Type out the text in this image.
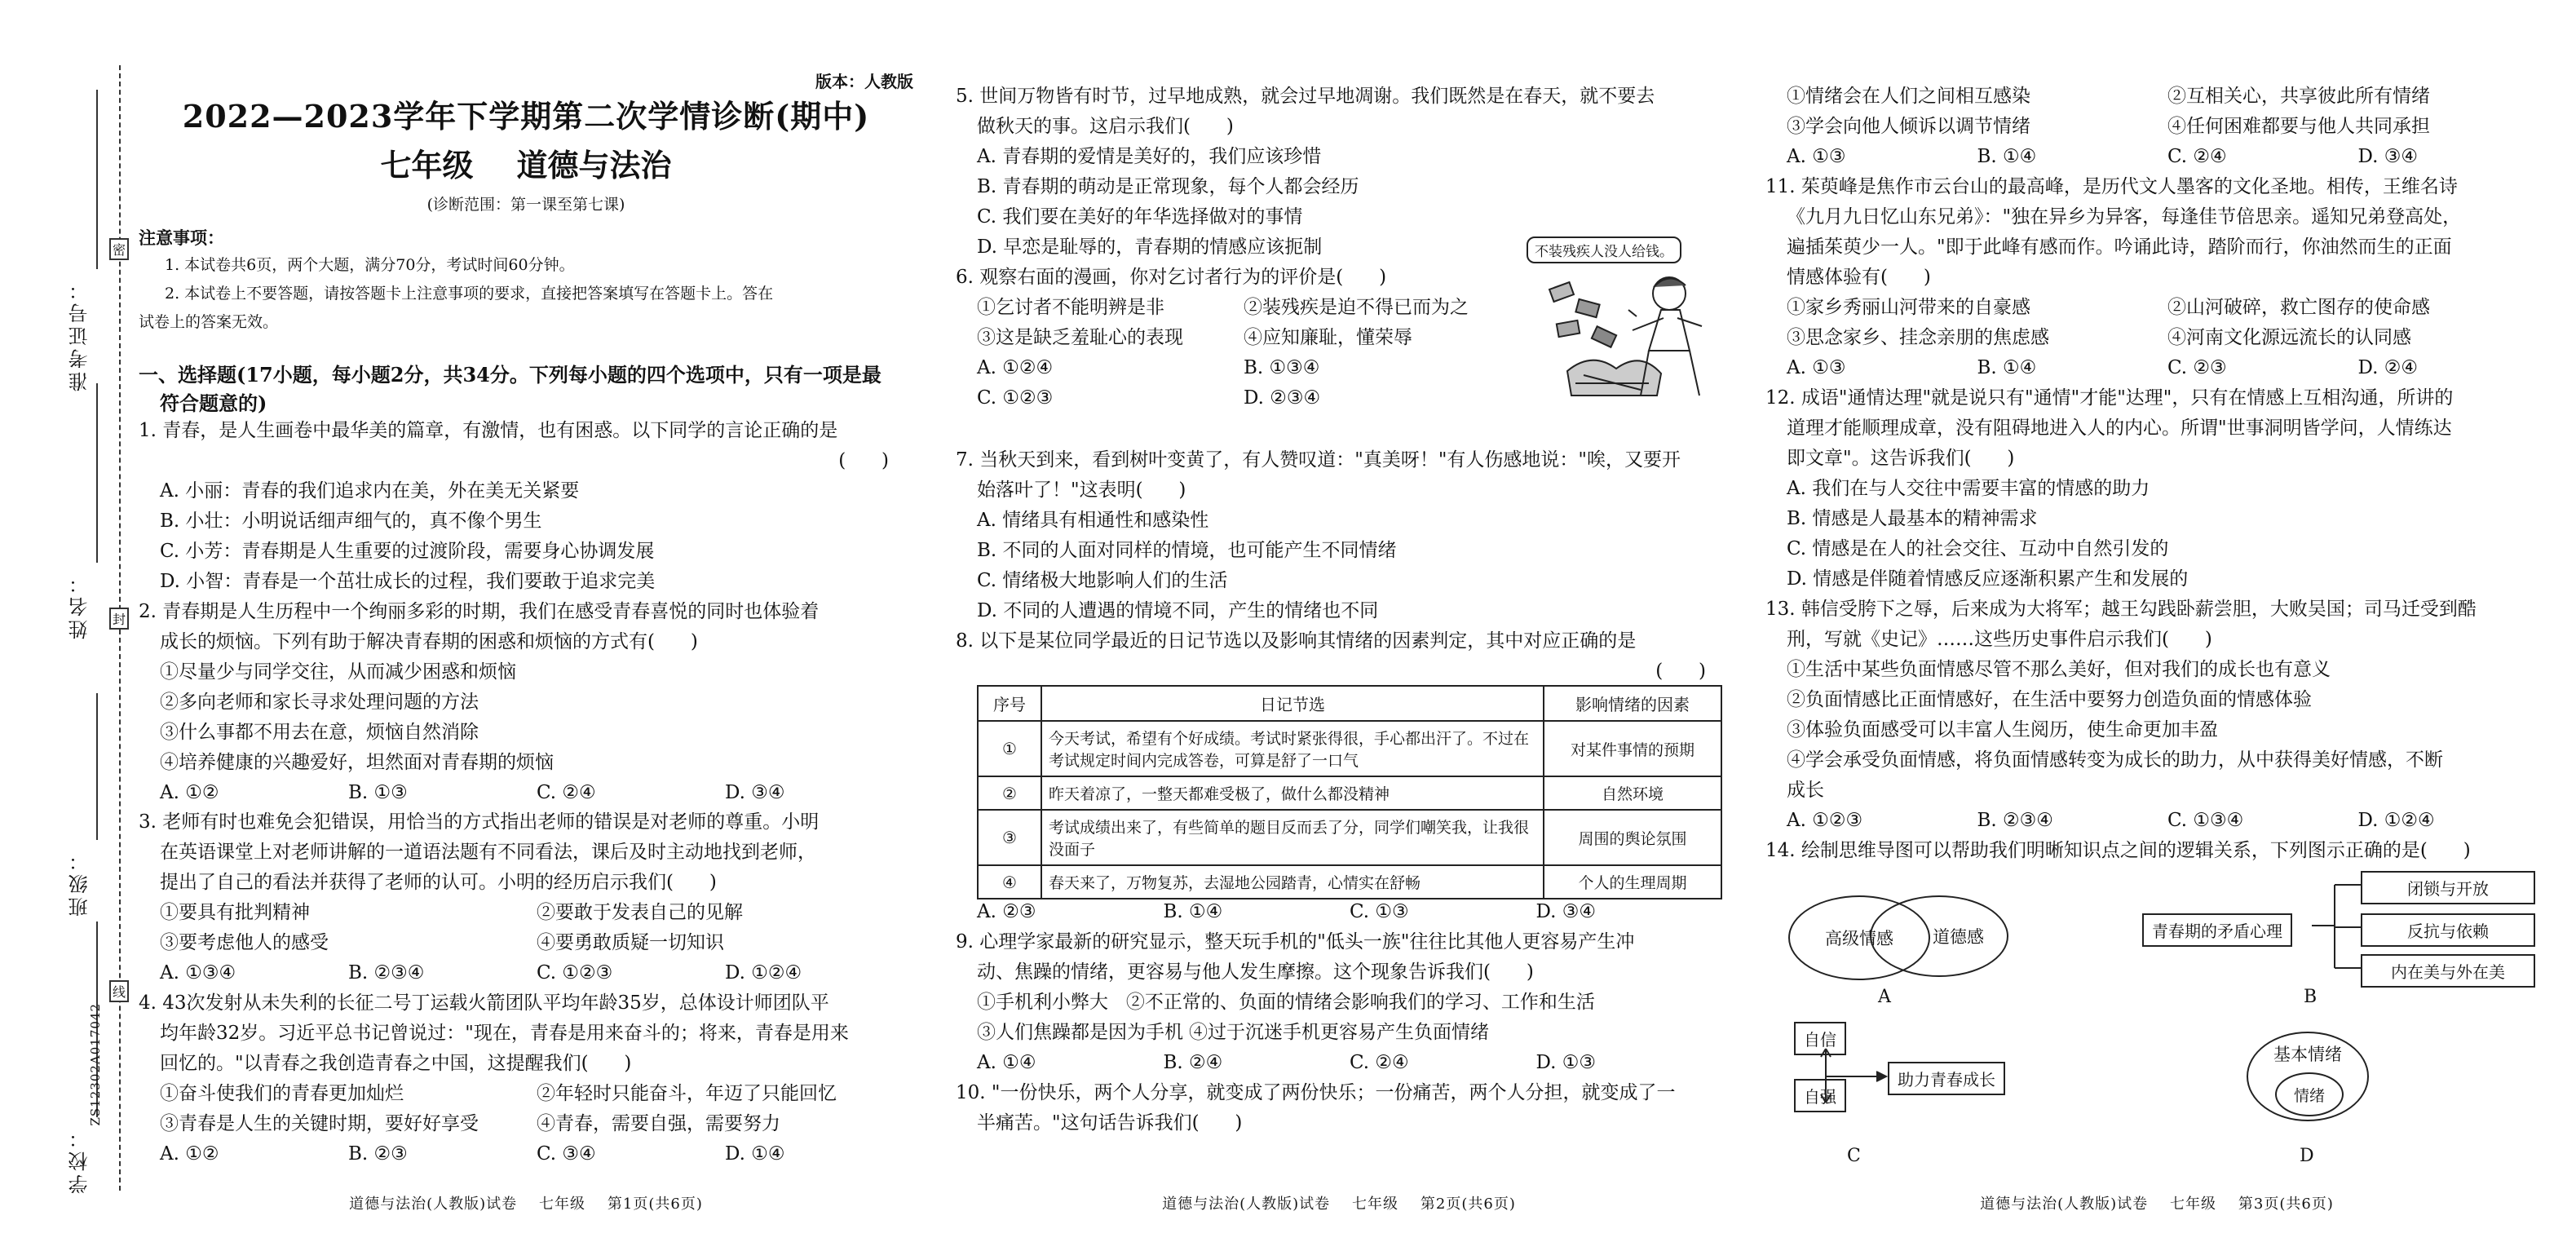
密
封
线
准考证号：
姓名：
班级：
学校：
ZS12302A017042
版本：人教版
2022—2023学年下学期第二次学情诊断(期中)
七年级    道德与法治
(诊断范围：第一课至第七课)
注意事项：
1. 本试卷共6页，两个大题，满分70分，考试时间60分钟。
2. 本试卷上不要答题，请按答题卡上注意事项的要求，直接把答案填写在答题卡上。答在
试卷上的答案无效。
一、选择题(17小题，每小题2分，共34分。下列每小题的四个选项中，只有一项是最
符合题意的)
1. 青春，是人生画卷中最华美的篇章，有激情，也有困惑。以下同学的言论正确的是
(      )
A. 小丽：青春的我们追求内在美，外在美无关紧要
B. 小壮：小明说话细声细气的，真不像个男生
C. 小芳：青春期是人生重要的过渡阶段，需要身心协调发展
D. 小智：青春是一个茁壮成长的过程，我们要敢于追求完美
2. 青春期是人生历程中一个绚丽多彩的时期，我们在感受青春喜悦的同时也体验着
成长的烦恼。下列有助于解决青春期的困惑和烦恼的方式有(      )
①尽量少与同学交往，从而减少困惑和烦恼
②多向老师和家长寻求处理问题的方法
③什么事都不用去在意，烦恼自然消除
④培养健康的兴趣爱好，坦然面对青春期的烦恼
A. ①②	B. ①③	C. ②④	D. ③④
3. 老师有时也难免会犯错误，用恰当的方式指出老师的错误是对老师的尊重。小明
在英语课堂上对老师讲解的一道语法题有不同看法，课后及时主动地找到老师，
提出了自己的看法并获得了老师的认可。小明的经历启示我们(      )
①要具有批判精神	②要敢于发表自己的见解
③要考虑他人的感受	④要勇敢质疑一切知识
A. ①③④	B. ②③④	C. ①②③	D. ①②④
4. 43次发射从未失利的长征二号丁运载火箭团队平均年龄35岁，总体设计师团队平
均年龄32岁。习近平总书记曾说过："现在，青春是用来奋斗的；将来，青春是用来
回忆的。"以青春之我创造青春之中国，这提醒我们(      )
①奋斗使我们的青春更加灿烂	②年轻时只能奋斗，年迈了只能回忆
③青春是人生的关键时期，要好好享受	④青春，需要自强，需要努力
A. ①②	B. ②③	C. ③④	D. ①④
道德与法治(人教版)试卷    七年级    第1页(共6页)
5. 世间万物皆有时节，过早地成熟，就会过早地凋谢。我们既然是在春天，就不要去
做秋天的事。这启示我们(      )
A. 青春期的爱情是美好的，我们应该珍惜
B. 青春期的萌动是正常现象，每个人都会经历
C. 我们要在美好的年华选择做对的事情
D. 早恋是耻辱的，青春期的情感应该扼制
6. 观察右面的漫画，你对乞讨者行为的评价是(      )
①乞讨者不能明辨是非	②装残疾是迫不得已而为之
③这是缺乏羞耻心的表现	④应知廉耻，懂荣辱
A. ①②④	B. ①③④
C. ①②③	D. ②③④
不装残疾人没人给钱。
7. 当秋天到来，看到树叶变黄了，有人赞叹道："真美呀！"有人伤感地说："唉，又要开
始落叶了！"这表明(      )
A. 情绪具有相通性和感染性
B. 不同的人面对同样的情境，也可能产生不同情绪
C. 情绪极大地影响人们的生活
D. 不同的人遭遇的情境不同，产生的情绪也不同
8. 以下是某位同学最近的日记节选以及影响其情绪的因素判定，其中对应正确的是
(      )
序号	日记节选	影响情绪的因素
①	今天考试，希望有个好成绩。考试时紧张得很，手心都出汗了。不过在考试规定时间内完成答卷，可算是舒了一口气	对某件事情的预期
②	昨天着凉了，一整天都难受极了，做什么都没精神	自然环境
③	考试成绩出来了，有些简单的题目反而丢了分，同学们嘲笑我，让我很没面子	周围的舆论氛围
④	春天来了，万物复苏，去湿地公园踏青，心情实在舒畅	个人的生理周期
A. ②③	B. ①④	C. ①③	D. ③④
9. 心理学家最新的研究显示，整天玩手机的"低头一族"往往比其他人更容易产生冲
动、焦躁的情绪，更容易与他人发生摩擦。这个现象告诉我们(      )
①手机利小弊大   ②不正常的、负面的情绪会影响我们的学习、工作和生活
③人们焦躁都是因为手机 ④过于沉迷手机更容易产生负面情绪
A. ①④	B. ②④	C. ②④	D. ①③
10. "一份快乐，两个人分享，就变成了两份快乐；一份痛苦，两个人分担，就变成了一
半痛苦。"这句话告诉我们(      )
道德与法治(人教版)试卷    七年级    第2页(共6页)
①情绪会在人们之间相互感染	②互相关心，共享彼此所有情绪
③学会向他人倾诉以调节情绪	④任何困难都要与他人共同承担
A. ①③	B. ①④	C. ②④	D. ③④
11. 茱萸峰是焦作市云台山的最高峰，是历代文人墨客的文化圣地。相传，王维名诗
《九月九日忆山东兄弟》："独在异乡为异客，每逢佳节倍思亲。遥知兄弟登高处，
遍插茱萸少一人。"即于此峰有感而作。吟诵此诗，踏阶而行，你油然而生的正面
情感体验有(      )
①家乡秀丽山河带来的自豪感	②山河破碎，救亡图存的使命感
③思念家乡、挂念亲朋的焦虑感	④河南文化源远流长的认同感
A. ①③	B. ①④	C. ②③	D. ②④
12. 成语"通情达理"就是说只有"通情"才能"达理"，只有在情感上互相沟通，所讲的
道理才能顺理成章，没有阻碍地进入人的内心。所谓"世事洞明皆学问，人情练达
即文章"。这告诉我们(      )
A. 我们在与人交往中需要丰富的情感的助力
B. 情感是人最基本的精神需求
C. 情感是在人的社会交往、互动中自然引发的
D. 情感是伴随着情感反应逐渐积累产生和发展的
13. 韩信受胯下之辱，后来成为大将军；越王勾践卧薪尝胆，大败吴国；司马迁受到酷
刑，写就《史记》……这些历史事件启示我们(      )
①生活中某些负面情感尽管不那么美好，但对我们的成长也有意义
②负面情感比正面情感好，在生活中要努力创造负面的情感体验
③体验负面感受可以丰富人生阅历，使生命更加丰盈
④学会承受负面情感，将负面情感转变为成长的助力，从中获得美好情感，不断
成长
A. ①②③	B. ②③④	C. ①③④	D. ①②④
14. 绘制思维导图可以帮助我们明晰知识点之间的逻辑关系，下列图示正确的是(      )
高级情感	道德感
A
青春期的矛盾心理
闭锁与开放
反抗与依赖
内在美与外在美
B
自信
自强
助力青春成长
C
基本情绪
情绪
D
道德与法治(人教版)试卷    七年级    第3页(共6页)
